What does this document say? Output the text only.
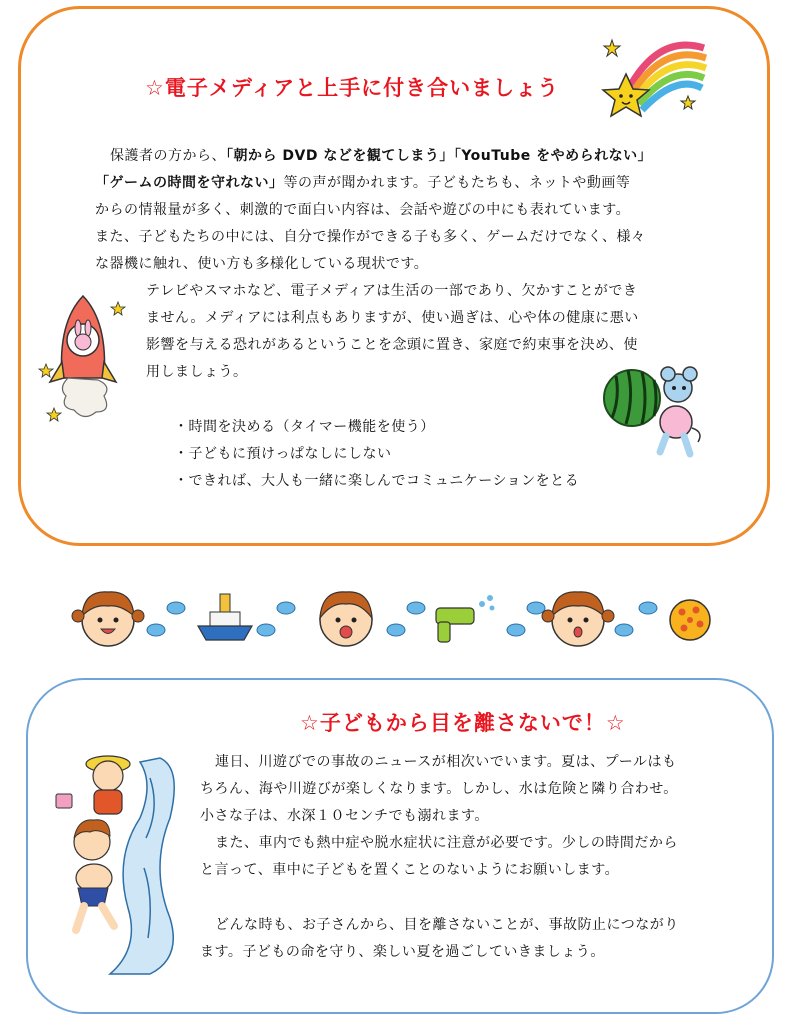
☆電子メディアと上手に付き合いましょう
保護者の方から、「朝から DVD などを観てしまう」「YouTube をやめられない」
「ゲームの時間を守れない」等の声が聞かれます。子どもたちも、ネットや動画等
からの情報量が多く、刺激的で面白い内容は、会話や遊びの中にも表れています。
また、子どもたちの中には、自分で操作ができる子も多く、ゲームだけでなく、様々
な器機に触れ、使い方も多様化している現状です。
テレビやスマホなど、電子メディアは生活の一部であり、欠かすことができ
ません。メディアには利点もありますが、使い過ぎは、心や体の健康に悪い
影響を与える恐れがあるということを念頭に置き、家庭で約束事を決め、使
用しましょう。
・時間を決める（タイマー機能を使う）
・子どもに預けっぱなしにしない
・できれば、大人も一緒に楽しんでコミュニケーションをとる
☆子どもから目を離さないで！☆
連日、川遊びでの事故のニュースが相次いでいます。夏は、プールはも
ちろん、海や川遊びが楽しくなります。しかし、水は危険と隣り合わせ。
小さな子は、水深１０センチでも溺れます。
また、車内でも熱中症や脱水症状に注意が必要です。少しの時間だから
と言って、車中に子どもを置くことのないようにお願いします。
どんな時も、お子さんから、目を離さないことが、事故防止につながり
ます。子どもの命を守り、楽しい夏を過ごしていきましょう。
